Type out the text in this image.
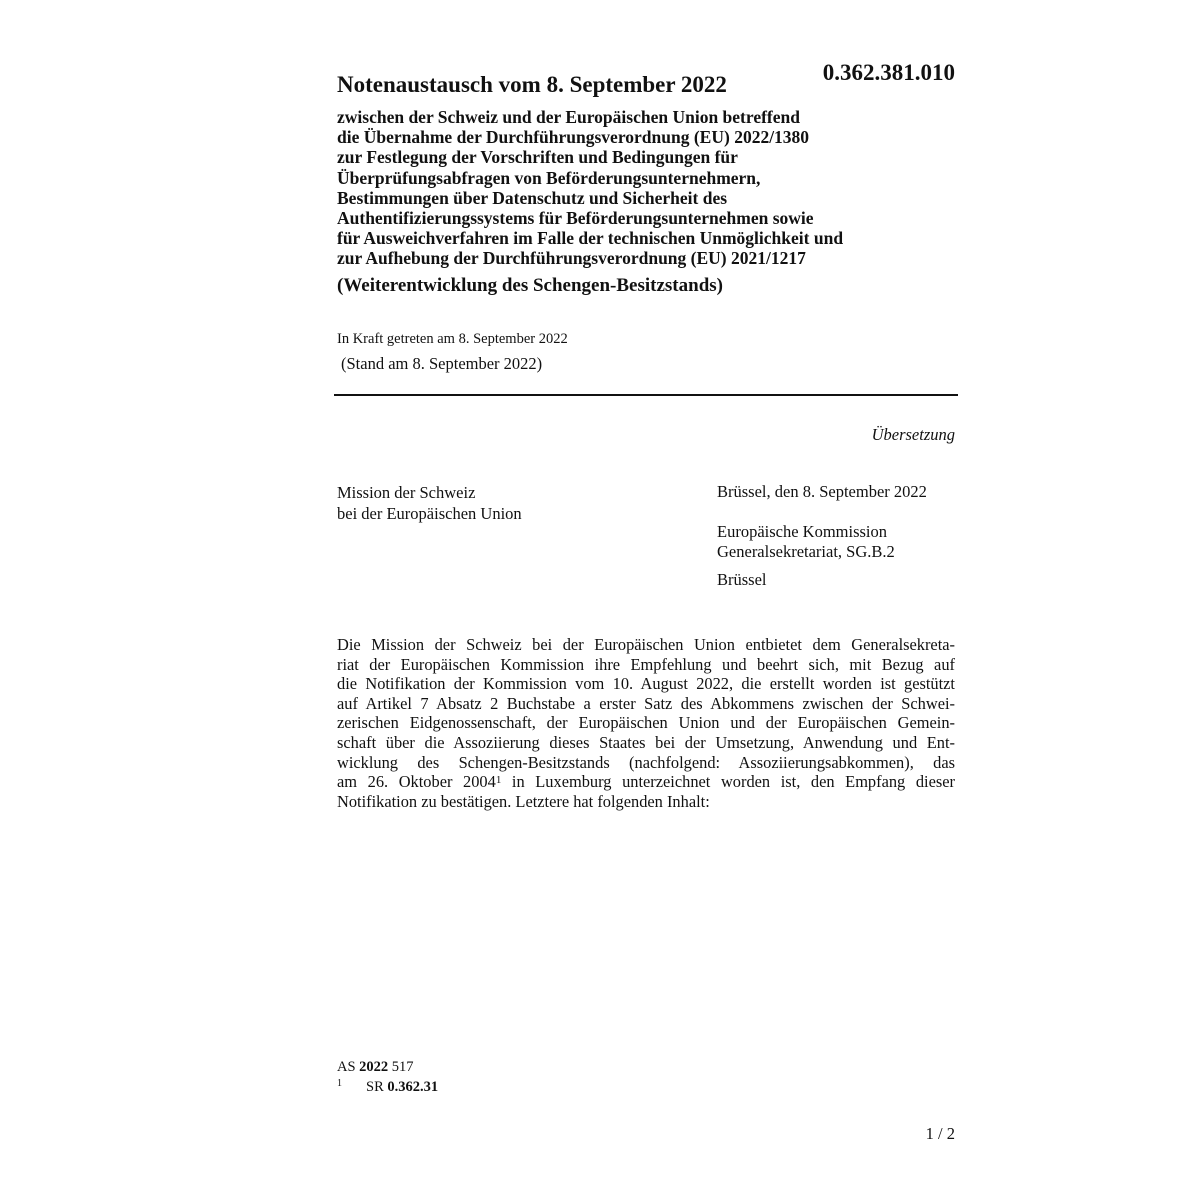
0.362.381.010
Notenaustausch vom 8. September 2022
zwischen der Schweiz und der Europäischen Union betreffend
die Übernahme der Durchführungsverordnung (EU) 2022/1380
zur Festlegung der Vorschriften und Bedingungen für
Überprüfungsabfragen von Beförderungsunternehmern,
Bestimmungen über Datenschutz und Sicherheit des
Authentifizierungssystems für Beförderungsunternehmen sowie
für Ausweichverfahren im Falle der technischen Unmöglichkeit und
zur Aufhebung der Durchführungsverordnung (EU) 2021/1217
(Weiterentwicklung des Schengen-Besitzstands)
In Kraft getreten am 8. September 2022
(Stand am 8. September 2022)
Übersetzung
Mission der Schweiz
bei der Europäischen Union
Brüssel, den 8. September 2022
Europäische Kommission
Generalsekretariat, SG.B.2
Brüssel
Die Mission der Schweiz bei der Europäischen Union entbietet dem Generalsekreta-
riat der Europäischen Kommission ihre Empfehlung und beehrt sich, mit Bezug auf
die Notifikation der Kommission vom 10. August 2022, die erstellt worden ist gestützt
auf Artikel 7 Absatz 2 Buchstabe a erster Satz des Abkommens zwischen der Schwei-
zerischen Eidgenossenschaft, der Europäischen Union und der Europäischen Gemein-
schaft über die Assoziierung dieses Staates bei der Umsetzung, Anwendung und Ent-
wicklung des Schengen-Besitzstands (nachfolgend: Assoziierungsabkommen), das
am 26. Oktober 2004$^1$ in Luxemburg unterzeichnet worden ist, den Empfang dieser
Notifikation zu bestätigen. Letztere hat folgenden Inhalt:
AS 2022 517
$^1$ SR 0.362.31
1 / 2
